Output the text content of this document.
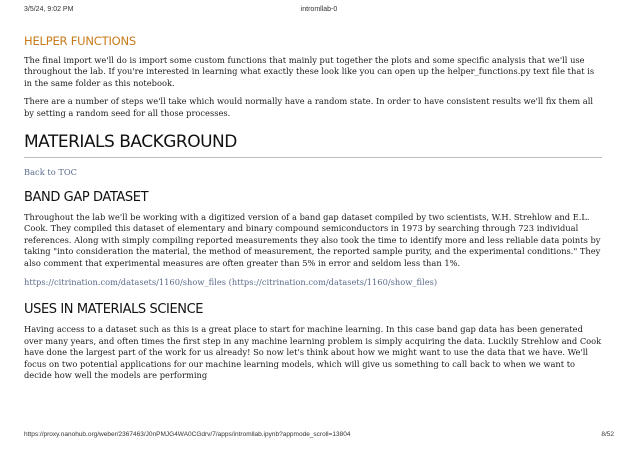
3/5/24, 9:02 PM	intromllab-0
HELPER FUNCTIONS

The final import we'll do is import some custom functions that mainly put together the plots and some specific analysis that we'll use throughout the lab. If you're interested in learning what exactly these look like you can open up the helper_functions.py text file that is in the same folder as this notebook.

There are a number of steps we'll take which would normally have a random state. In order to have consistent results we'll fix them all by setting a random seed for all those processes.

MATERIALS BACKGROUND
Back to TOC
BAND GAP DATASET

Throughout the lab we'll be working with a digitized version of a band gap dataset compiled by two scientists, W.H. Strehlow and E.L. Cook. They compiled this dataset of elementary and binary compound semiconductors in 1973 by searching through 723 individual references. Along with simply compiling reported measurements they also took the time to identify more and less reliable data points by taking "into consideration the material, the method of measurement, the reported sample purity, and the experimental conditions." They also comment that experimental measures are often greater than 5% in error and seldom less than 1%.

https://citrination.com/datasets/1160/show_files (https://citrination.com/datasets/1160/show_files)
USES IN MATERIALS SCIENCE

Having access to a dataset such as this is a great place to start for machine learning. In this case band gap data has been generated over many years, and often times the first step in any machine learning problem is simply acquiring the data. Luckily Strehlow and Cook have done the largest part of the work for us already! So now let's think about how we might want to use the data that we have. We'll focus on two potential applications for our machine learning models, which will give us something to call back to when we want to decide how well the models are performing

https://proxy.nanohub.org/weber/2367463/J0nPMJG4WA0CGdrv/7/apps/intromllab.ipynb?appmode_scroll=13804	8/52
